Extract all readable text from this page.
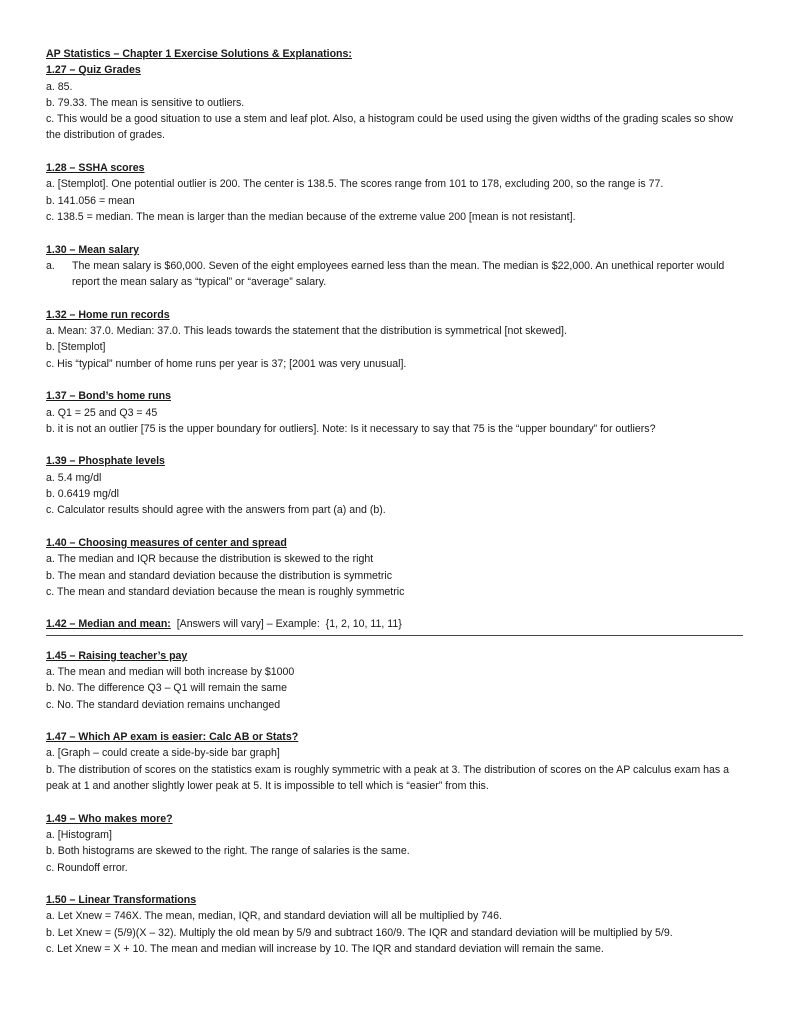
AP Statistics – Chapter 1 Exercise Solutions & Explanations:
1.27 – Quiz Grades

a. 85.

b. 79.33. The mean is sensitive to outliers.

c. This would be a good situation to use a stem and leaf plot. Also, a histogram could be used using the given widths of the grading scales so show the distribution of grades.

1.28 – SSHA scores

a. [Stemplot]. One potential outlier is 200. The center is 138.5. The scores range from 101 to 178, excluding 200, so the range is 77.

b. 141.056 = mean

c. 138.5 = median. The mean is larger than the median because of the extreme value 200 [mean is not resistant].

1.30 – Mean salary

a. The mean salary is $60,000. Seven of the eight employees earned less than the mean. The median is $22,000. An unethical reporter would report the mean salary as “typical” or “average” salary.

1.32 – Home run records

a. Mean: 37.0. Median: 37.0. This leads towards the statement that the distribution is symmetrical [not skewed].

b. [Stemplot]

c. His “typical” number of home runs per year is 37; [2001 was very unusual].

1.37 – Bond’s home runs

a. Q1 = 25 and Q3 = 45

b. it is not an outlier [75 is the upper boundary for outliers]. Note: Is it necessary to say that 75 is the “upper boundary” for outliers?

1.39 – Phosphate levels

a. 5.4 mg/dl

b. 0.6419 mg/dl

c. Calculator results should agree with the answers from part (a) and (b).

1.40 – Choosing measures of center and spread

a. The median and IQR because the distribution is skewed to the right

b. The mean and standard deviation because the distribution is symmetric

c. The mean and standard deviation because the mean is roughly symmetric

1.42 – Median and mean:  [Answers will vary] – Example:  {1, 2, 10, 11, 11}

1.45 – Raising teacher’s pay

a. The mean and median will both increase by $1000

b. No. The difference Q3 – Q1 will remain the same

c. No. The standard deviation remains unchanged

1.47 – Which AP exam is easier: Calc AB or Stats?

a. [Graph – could create a side-by-side bar graph]

b. The distribution of scores on the statistics exam is roughly symmetric with a peak at 3. The distribution of scores on the AP calculus exam has a peak at 1 and another slightly lower peak at 5. It is impossible to tell which is “easier” from this.

1.49 – Who makes more?

a. [Histogram]

b. Both histograms are skewed to the right. The range of salaries is the same.

c. Roundoff error.

1.50 – Linear Transformations

a. Let Xnew = 746X. The mean, median, IQR, and standard deviation will all be multiplied by 746.

b. Let Xnew = (5/9)(X – 32). Multiply the old mean by 5/9 and subtract 160/9. The IQR and standard deviation will be multiplied by 5/9.

c. Let Xnew = X + 10. The mean and median will increase by 10. The IQR and standard deviation will remain the same.
